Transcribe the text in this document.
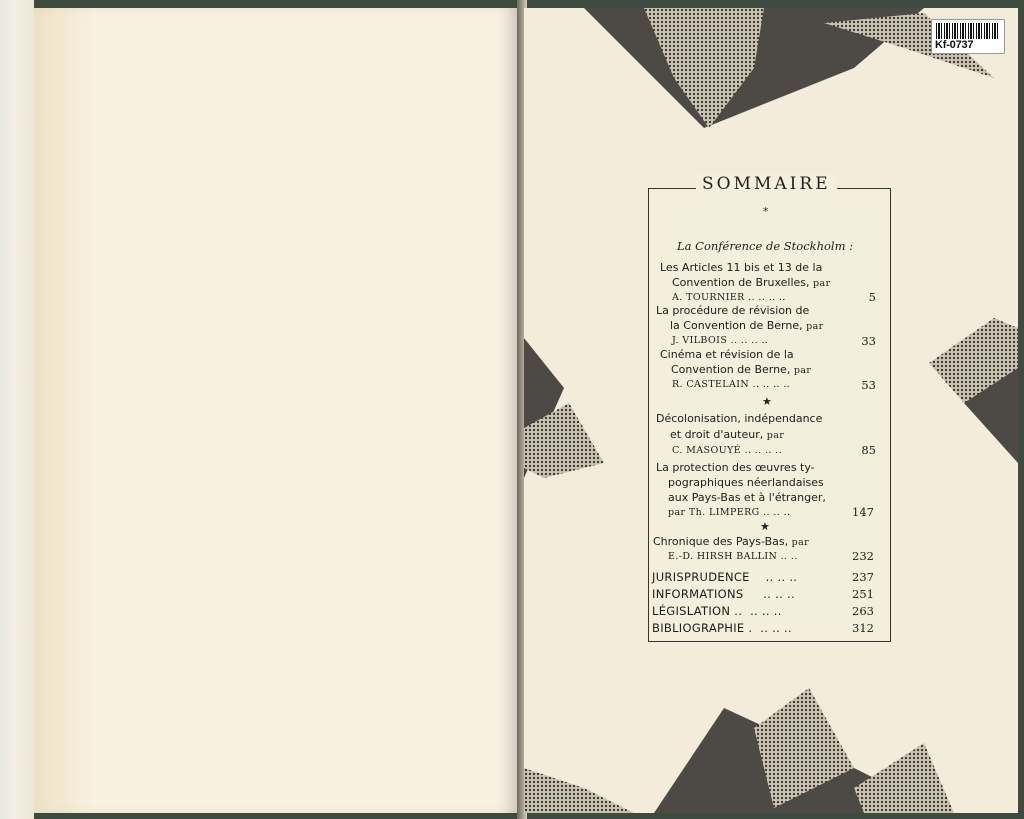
Kf-0737
SOMMAIRE
*
La Conférence de Stockholm :
Les Articles 11 bis et 13 de la
Convention de Bruxelles, par
A. TOURNIER .. .. .. ..	5
La procédure de révision de
la Convention de Berne, par
J. VILBOIS .. .. .. ..	33
Cinéma et révision de la
Convention de Berne, par
R. CASTELAIN .. .. .. ..	53
★
Décolonisation, indépendance
et droit d'auteur, par
C. MASOUYÉ .. .. .. ..	85
La protection des œuvres ty-
pographiques néerlandaises
aux Pays-Bas et à l'étranger,
par Th. LIMPERG .. .. ..	147
★
Chronique des Pays-Bas, par
E.-D. HIRSH BALLIN .. ..	232
JURISPRUDENCE    .. .. ..	237
INFORMATIONS     .. .. ..	251
LÉGISLATION ..  .. .. ..	263
BIBLIOGRAPHIE .  .. .. ..	312
